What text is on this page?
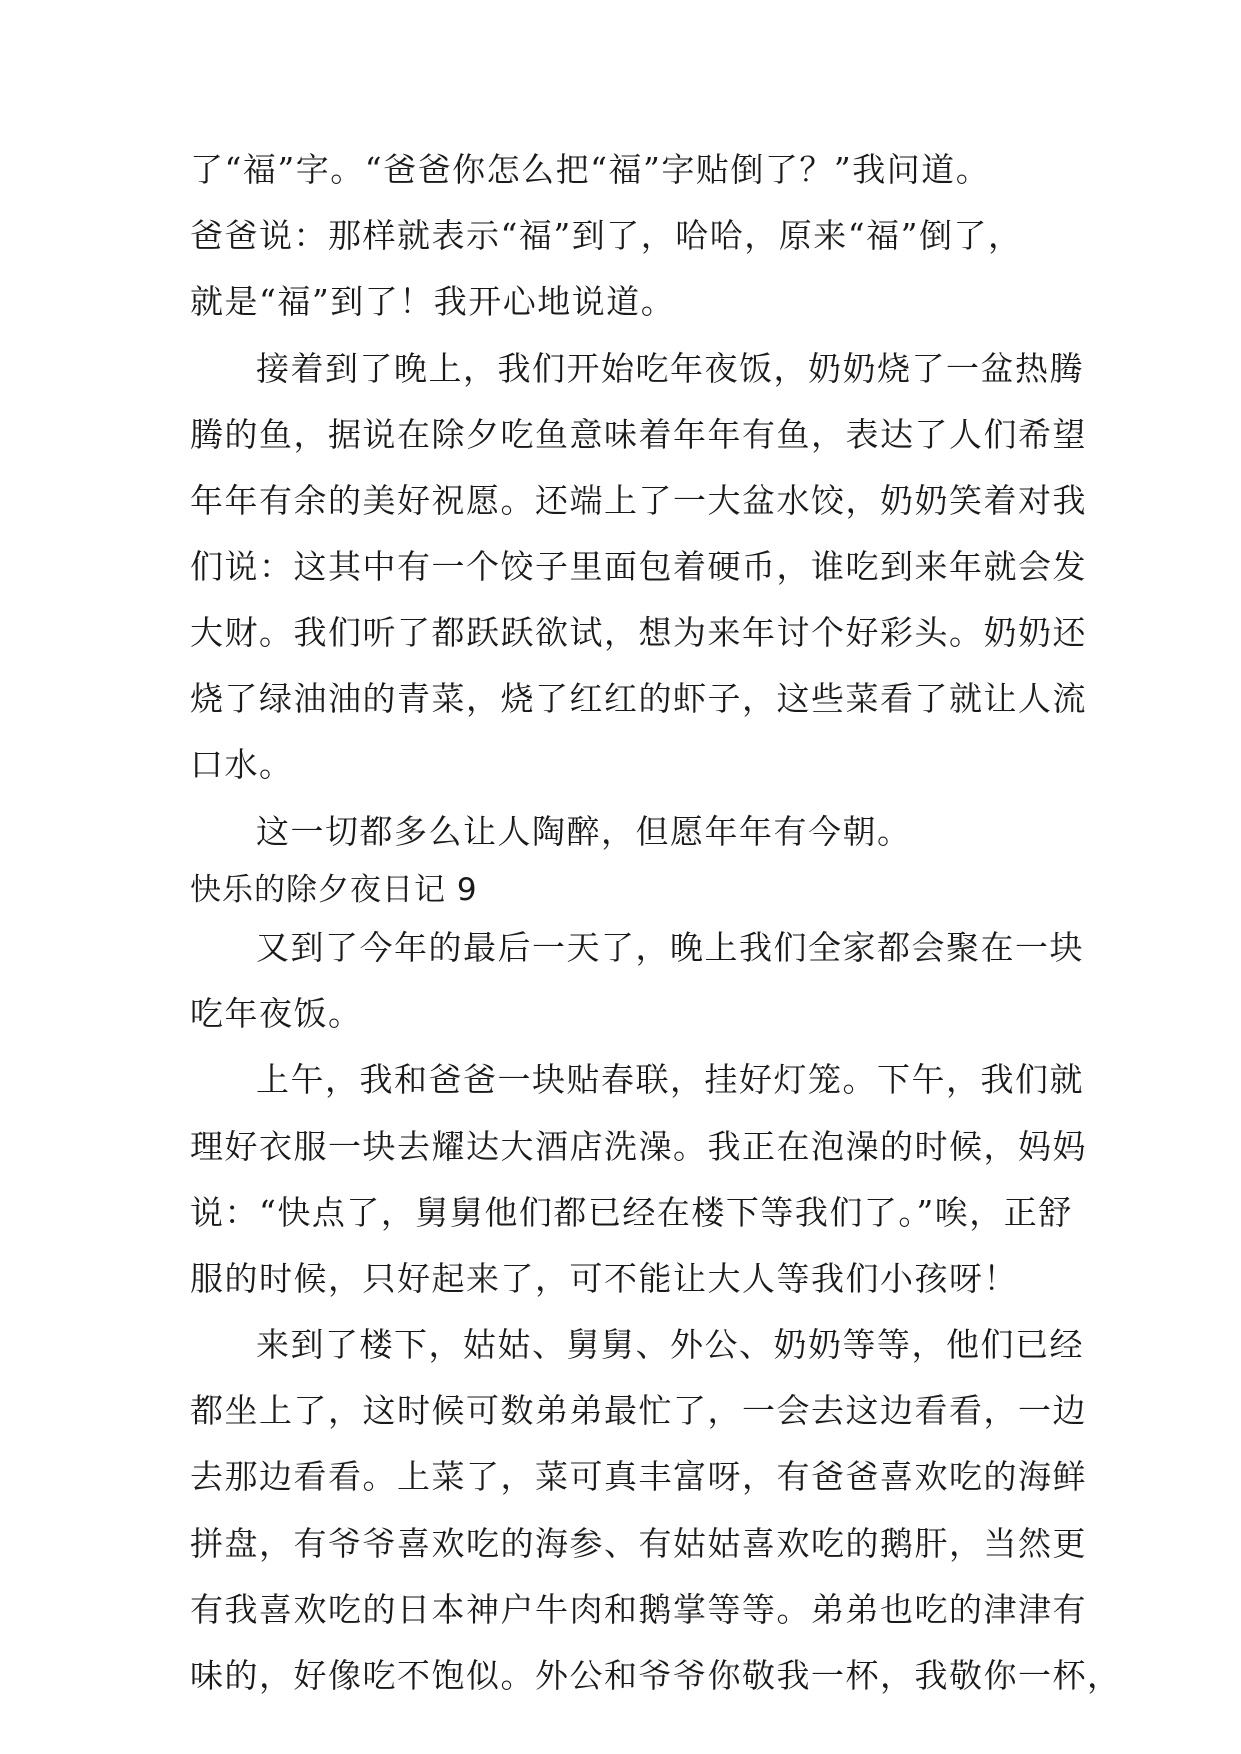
了“福”字。“爸爸你怎么把“福”字贴倒了？”我问道。
爸爸说：那样就表示“福”到了，哈哈，原来“福”倒了，
就是“福”到了！我开心地说道。
接着到了晚上，我们开始吃年夜饭，奶奶烧了一盆热腾
腾的鱼，据说在除夕吃鱼意味着年年有鱼，表达了人们希望
年年有余的美好祝愿。还端上了一大盆水饺，奶奶笑着对我
们说：这其中有一个饺子里面包着硬币，谁吃到来年就会发
大财。我们听了都跃跃欲试，想为来年讨个好彩头。奶奶还
烧了绿油油的青菜，烧了红红的虾子，这些菜看了就让人流
口水。
这一切都多么让人陶醉，但愿年年有今朝。
快乐的除夕夜日记 9
又到了今年的最后一天了，晚上我们全家都会聚在一块
吃年夜饭。
上午，我和爸爸一块贴春联，挂好灯笼。下午，我们就
理好衣服一块去耀达大酒店洗澡。我正在泡澡的时候，妈妈
说：“快点了，舅舅他们都已经在楼下等我们了。”唉，正舒
服的时候，只好起来了，可不能让大人等我们小孩呀！
来到了楼下，姑姑、舅舅、外公、奶奶等等，他们已经
都坐上了，这时候可数弟弟最忙了，一会去这边看看，一边
去那边看看。上菜了，菜可真丰富呀，有爸爸喜欢吃的海鲜
拼盘，有爷爷喜欢吃的海参、有姑姑喜欢吃的鹅肝，当然更
有我喜欢吃的日本神户牛肉和鹅掌等等。弟弟也吃的津津有
味的，好像吃不饱似。外公和爷爷你敬我一杯，我敬你一杯，
